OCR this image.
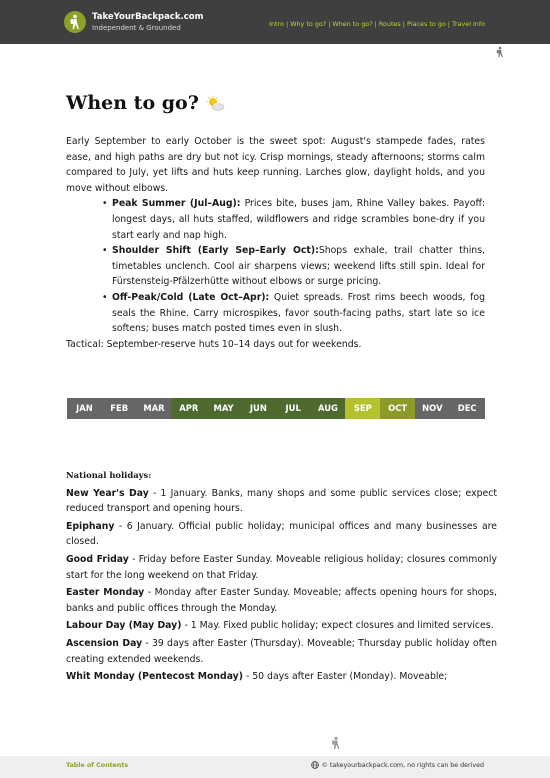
TakeYourBackpack.com
Independent & Grounded	Intro | Why to go? | When to go? | Routes | Places to go | Travel info
When to go?

Early September to early October is the sweet spot: August's stampede fades, rates ease, and high paths are dry but not icy. Crisp mornings, steady afternoons; storms calm compared to July, yet lifts and huts keep running. Larches glow, daylight holds, and you move without elbows.

• Peak Summer (Jul–Aug): Prices bite, buses jam, Rhine Valley bakes. Payoff: longest days, all huts staffed, wildflowers and ridge scrambles bone-dry if you start early and nap high.
• Shoulder Shift (Early Sep–Early Oct):Shops exhale, trail chatter thins, timetables unclench. Cool air sharpens views; weekend lifts still spin. Ideal for Fürstensteig-Pfälzerhütte without elbows or surge pricing.
• Off-Peak/Cold (Late Oct–Apr): Quiet spreads. Frost rims beech woods, fog seals the Rhine. Carry microspikes, favor south-facing paths, start late so ice softens; buses match posted times even in slush.

Tactical: September-reserve huts 10–14 days out for weekends.

JAN	FEB	MAR	APR	MAY	JUN	JUL	AUG	SEP	OCT	NOV	DEC
National holidays:
New Year's Day - 1 January. Banks, many shops and some public services close; expect reduced transport and opening hours.
Epiphany - 6 January. Official public holiday; municipal offices and many businesses are closed.
Good Friday - Friday before Easter Sunday. Moveable religious holiday; closures commonly start for the long weekend on that Friday.
Easter Monday - Monday after Easter Sunday. Moveable; affects opening hours for shops, banks and public offices through the Monday.
Labour Day (May Day) - 1 May. Fixed public holiday; expect closures and limited services.
Ascension Day - 39 days after Easter (Thursday). Moveable; Thursday public holiday often creating extended weekends.
Whit Monday (Pentecost Monday) - 50 days after Easter (Monday). Moveable;
Table of Contents	© takeyourbackpack.com, no rights can be derived
